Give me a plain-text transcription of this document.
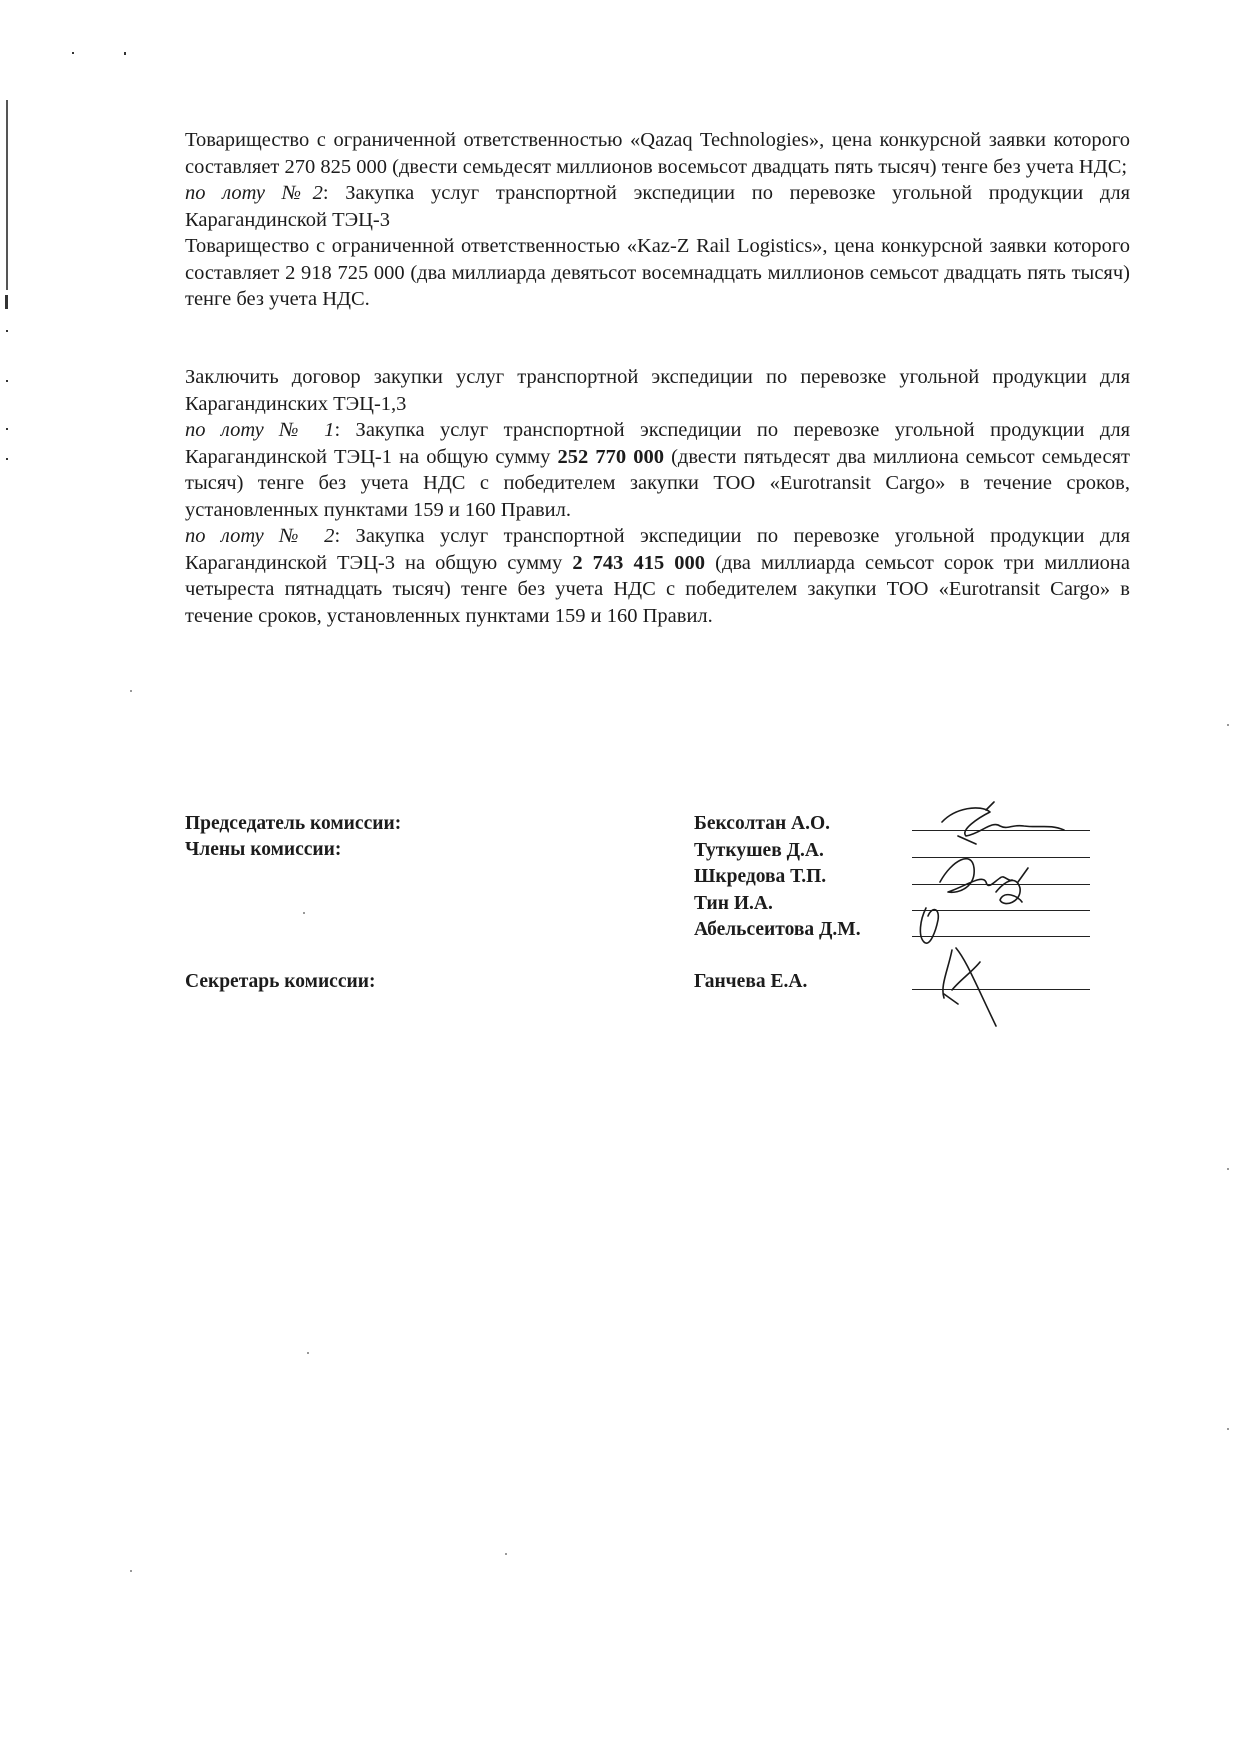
Товарищество с ограниченной ответственностью «Qazaq Technologies», цена конкурсной заявки которого составляет 270 825 000 (двести семьдесят миллионов восемьсот двадцать пять тысяч) тенге без учета НДС;

по лоту №2: Закупка услуг транспортной экспедиции по перевозке угольной продукции для Карагандинской ТЭЦ-3

Товарищество с ограниченной ответственностью «Kaz-Z Rail Logistics», цена конкурсной заявки которого составляет 2 918 725 000 (два миллиарда девятьсот восемнадцать миллионов семьсот двадцать пять тысяч) тенге без учета НДС.

Заключить договор закупки услуг транспортной экспедиции по перевозке угольной продукции для Карагандинских ТЭЦ-1,3

по лоту № 1: Закупка услуг транспортной экспедиции по перевозке угольной продукции для Карагандинской ТЭЦ-1 на общую сумму 252 770 000 (двести пятьдесят два миллиона семьсот семьдесят тысяч) тенге без учета НДС с победителем закупки ТОО «Eurotransit Cargo» в течение сроков, установленных пунктами 159 и 160 Правил.

по лоту № 2: Закупка услуг транспортной экспедиции по перевозке угольной продукции для Карагандинской ТЭЦ-3 на общую сумму 2 743 415 000 (два миллиарда семьсот сорок три миллиона четыреста пятнадцать тысяч) тенге без учета НДС с победителем закупки ТОО «Eurotransit Cargo» в течение сроков, установленных пунктами 159 и 160 Правил.

Председатель комиссии:
Члены комиссии:
Секретарь комиссии:
Бексолтан А.О.
Туткушев Д.А.
Шкредова Т.П.
Тин И.А.
Абельсеитова Д.М.
Ганчева Е.А.
